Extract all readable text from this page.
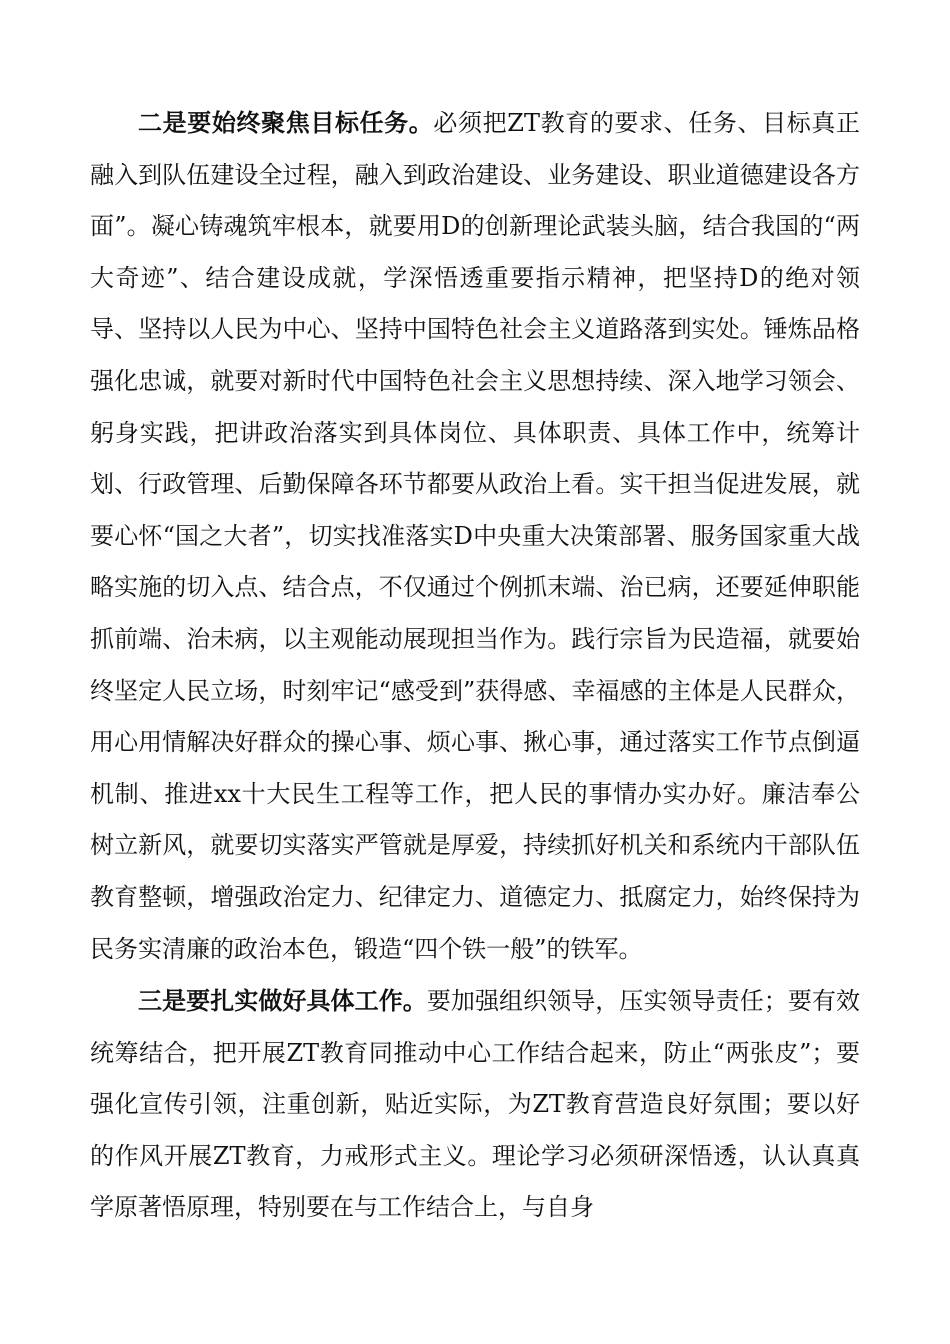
二是要始终聚焦目标任务。必须把ZT教育的要求、任务、目标真正融入到队伍建设全过程，融入到政治建设、业务建设、职业道德建设各方面”。凝心铸魂筑牢根本，就要用D的创新理论武装头脑，结合我国的“两大奇迹”、结合建设成就，学深悟透重要指示精神，把坚持D的绝对领导、坚持以人民为中心、坚持中国特色社会主义道路落到实处。锤炼品格强化忠诚，就要对新时代中国特色社会主义思想持续、深入地学习领会、躬身实践，把讲政治落实到具体岗位、具体职责、具体工作中，统筹计划、行政管理、后勤保障各环节都要从政治上看。实干担当促进发展，就要心怀“国之大者”，切实找准落实D中央重大决策部署、服务国家重大战略实施的切入点、结合点，不仅通过个例抓末端、治已病，还要延伸职能抓前端、治未病，以主观能动展现担当作为。践行宗旨为民造福，就要始终坚定人民立场，时刻牢记“感受到”获得感、幸福感的主体是人民群众，用心用情解决好群众的操心事、烦心事、揪心事，通过落实工作节点倒逼机制、推进xx十大民生工程等工作，把人民的事情办实办好。廉洁奉公树立新风，就要切实落实严管就是厚爱，持续抓好机关和系统内干部队伍教育整顿，增强政治定力、纪律定力、道德定力、抵腐定力，始终保持为民务实清廉的政治本色，锻造“四个铁一般”的铁军。

三是要扎实做好具体工作。要加强组织领导，压实领导责任；要有效统筹结合，把开展ZT教育同推动中心工作结合起来，防止“两张皮”；要强化宣传引领，注重创新，贴近实际，为ZT教育营造良好氛围；要以好的作风开展ZT教育，力戒形式主义。理论学习必须研深悟透，认认真真学原著悟原理，特别要在与工作结合上，与自身
